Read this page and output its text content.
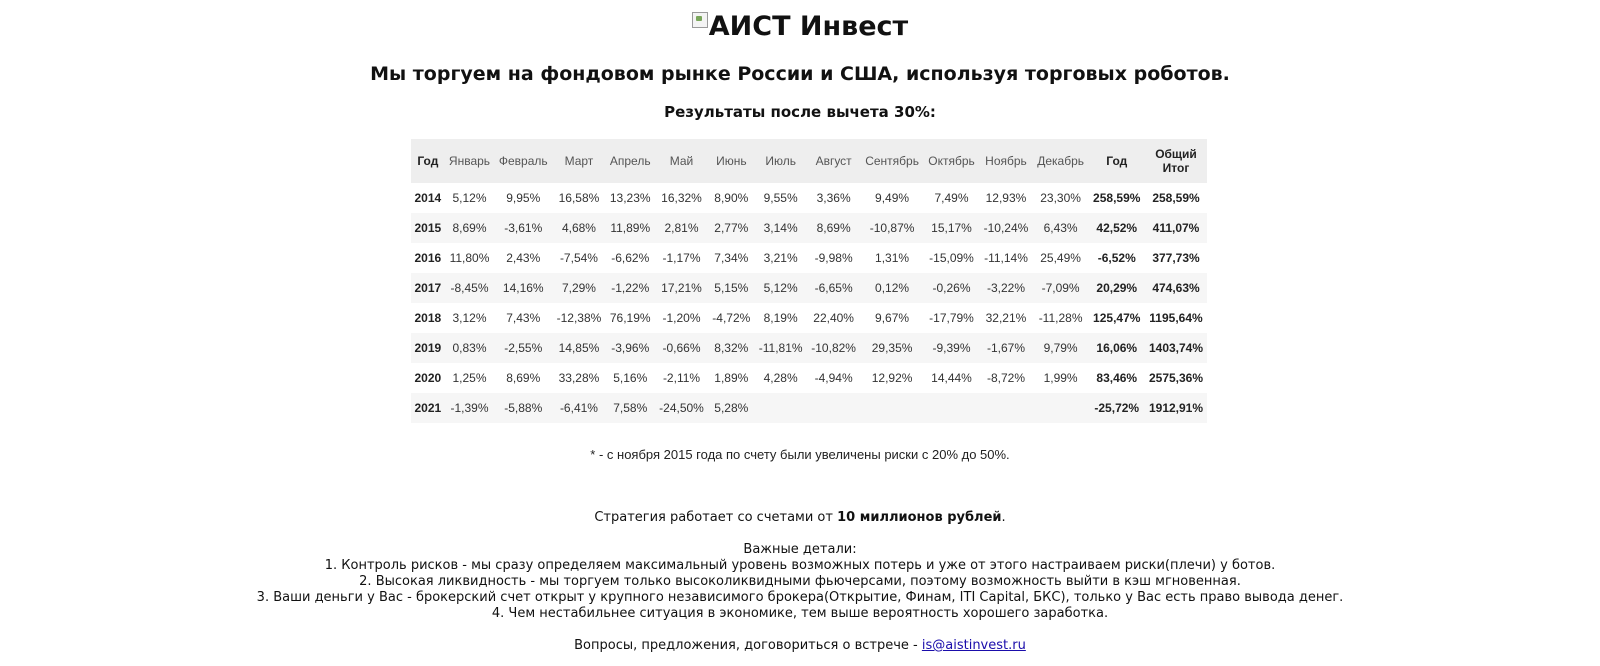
АИСТ Инвест
Мы торгуем на фондовом рынке России и США, используя торговых роботов.
Результаты после вычета 30%:
Год	Январь	Февраль	Март	Апрель	Май	Июнь	Июль	Август	Сентябрь	Октябрь	Ноябрь	Декабрь	Год	Общий
Итог
2014	5,12%	9,95%	16,58%	13,23%	16,32%	8,90%	9,55%	3,36%	9,49%	7,49%	12,93%	23,30%	258,59%	258,59%
2015	8,69%	-3,61%	4,68%	11,89%	2,81%	2,77%	3,14%	8,69%	-10,87%	15,17%	-10,24%	6,43%	42,52%	411,07%
2016	11,80%	2,43%	-7,54%	-6,62%	-1,17%	7,34%	3,21%	-9,98%	1,31%	-15,09%	-11,14%	25,49%	-6,52%	377,73%
2017	-8,45%	14,16%	7,29%	-1,22%	17,21%	5,15%	5,12%	-6,65%	0,12%	-0,26%	-3,22%	-7,09%	20,29%	474,63%
2018	3,12%	7,43%	-12,38%	76,19%	-1,20%	-4,72%	8,19%	22,40%	9,67%	-17,79%	32,21%	-11,28%	125,47%	1195,64%
2019	0,83%	-2,55%	14,85%	-3,96%	-0,66%	8,32%	-11,81%	-10,82%	29,35%	-9,39%	-1,67%	9,79%	16,06%	1403,74%
2020	1,25%	8,69%	33,28%	5,16%	-2,11%	1,89%	4,28%	-4,94%	12,92%	14,44%	-8,72%	1,99%	83,46%	2575,36%
2021	-1,39%	-5,88%	-6,41%	7,58%	-24,50%	5,28%							-25,72%	1912,91%
* - с ноября 2015 года по счету были увеличены риски с 20% до 50%.
Стратегия работает со счетами от 10 миллионов рублей.
Важные детали:
1. Контроль рисков - мы сразу определяем максимальный уровень возможных потерь и уже от этого настраиваем риски(плечи) у ботов.
2. Высокая ликвидность - мы торгуем только высоколиквидными фьючерсами, поэтому возможность выйти в кэш мгновенная.
3. Ваши деньги у Вас - брокерский счет открыт у крупного независимого брокера(Открытие, Финам, ITI Capital, БКС), только у Вас есть право вывода денег.
4. Чем нестабильнее ситуация в экономике, тем выше вероятность хорошего заработка.
Вопросы, предложения, договориться о встрече - is@aistinvest.ru
